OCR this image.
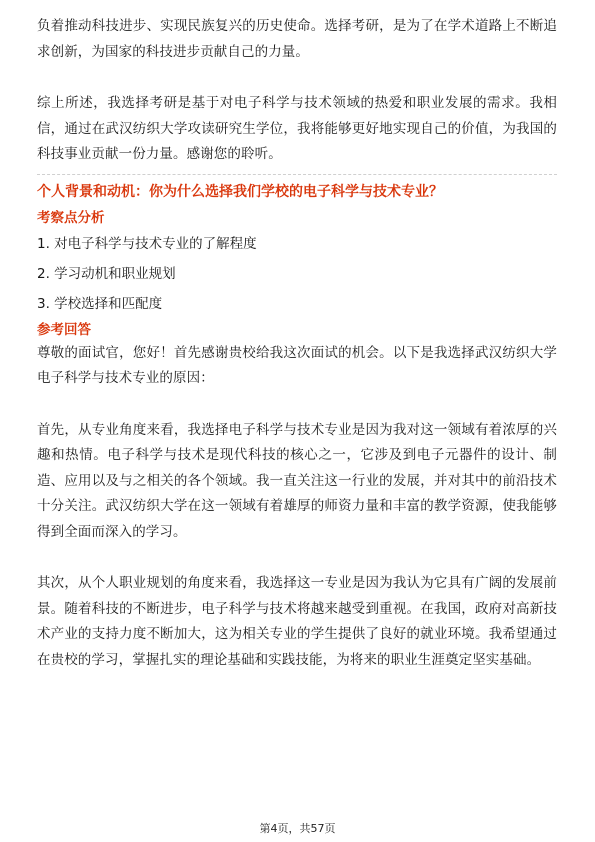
负着推动科技进步、实现民族复兴的历史使命。选择考研，是为了在学术道路上不断追求创新，为国家的科技进步贡献自己的力量。

综上所述，我选择考研是基于对电子科学与技术领域的热爱和职业发展的需求。我相信，通过在武汉纺织大学攻读研究生学位，我将能够更好地实现自己的价值，为我国的科技事业贡献一份力量。感谢您的聆听。

个人背景和动机：你为什么选择我们学校的电子科学与技术专业？

考察点分析

1. 对电子科学与技术专业的了解程度

2. 学习动机和职业规划

3. 学校选择和匹配度

参考回答

尊敬的面试官，您好！首先感谢贵校给我这次面试的机会。以下是我选择武汉纺织大学电子科学与技术专业的原因：

首先，从专业角度来看，我选择电子科学与技术专业是因为我对这一领域有着浓厚的兴趣和热情。电子科学与技术是现代科技的核心之一，它涉及到电子元器件的设计、制造、应用以及与之相关的各个领域。我一直关注这一行业的发展，并对其中的前沿技术十分关注。武汉纺织大学在这一领域有着雄厚的师资力量和丰富的教学资源，使我能够得到全面而深入的学习。

其次，从个人职业规划的角度来看，我选择这一专业是因为我认为它具有广阔的发展前景。随着科技的不断进步，电子科学与技术将越来越受到重视。在我国，政府对高新技术产业的支持力度不断加大，这为相关专业的学生提供了良好的就业环境。我希望通过在贵校的学习，掌握扎实的理论基础和实践技能，为将来的职业生涯奠定坚实基础。

第4页，共57页
